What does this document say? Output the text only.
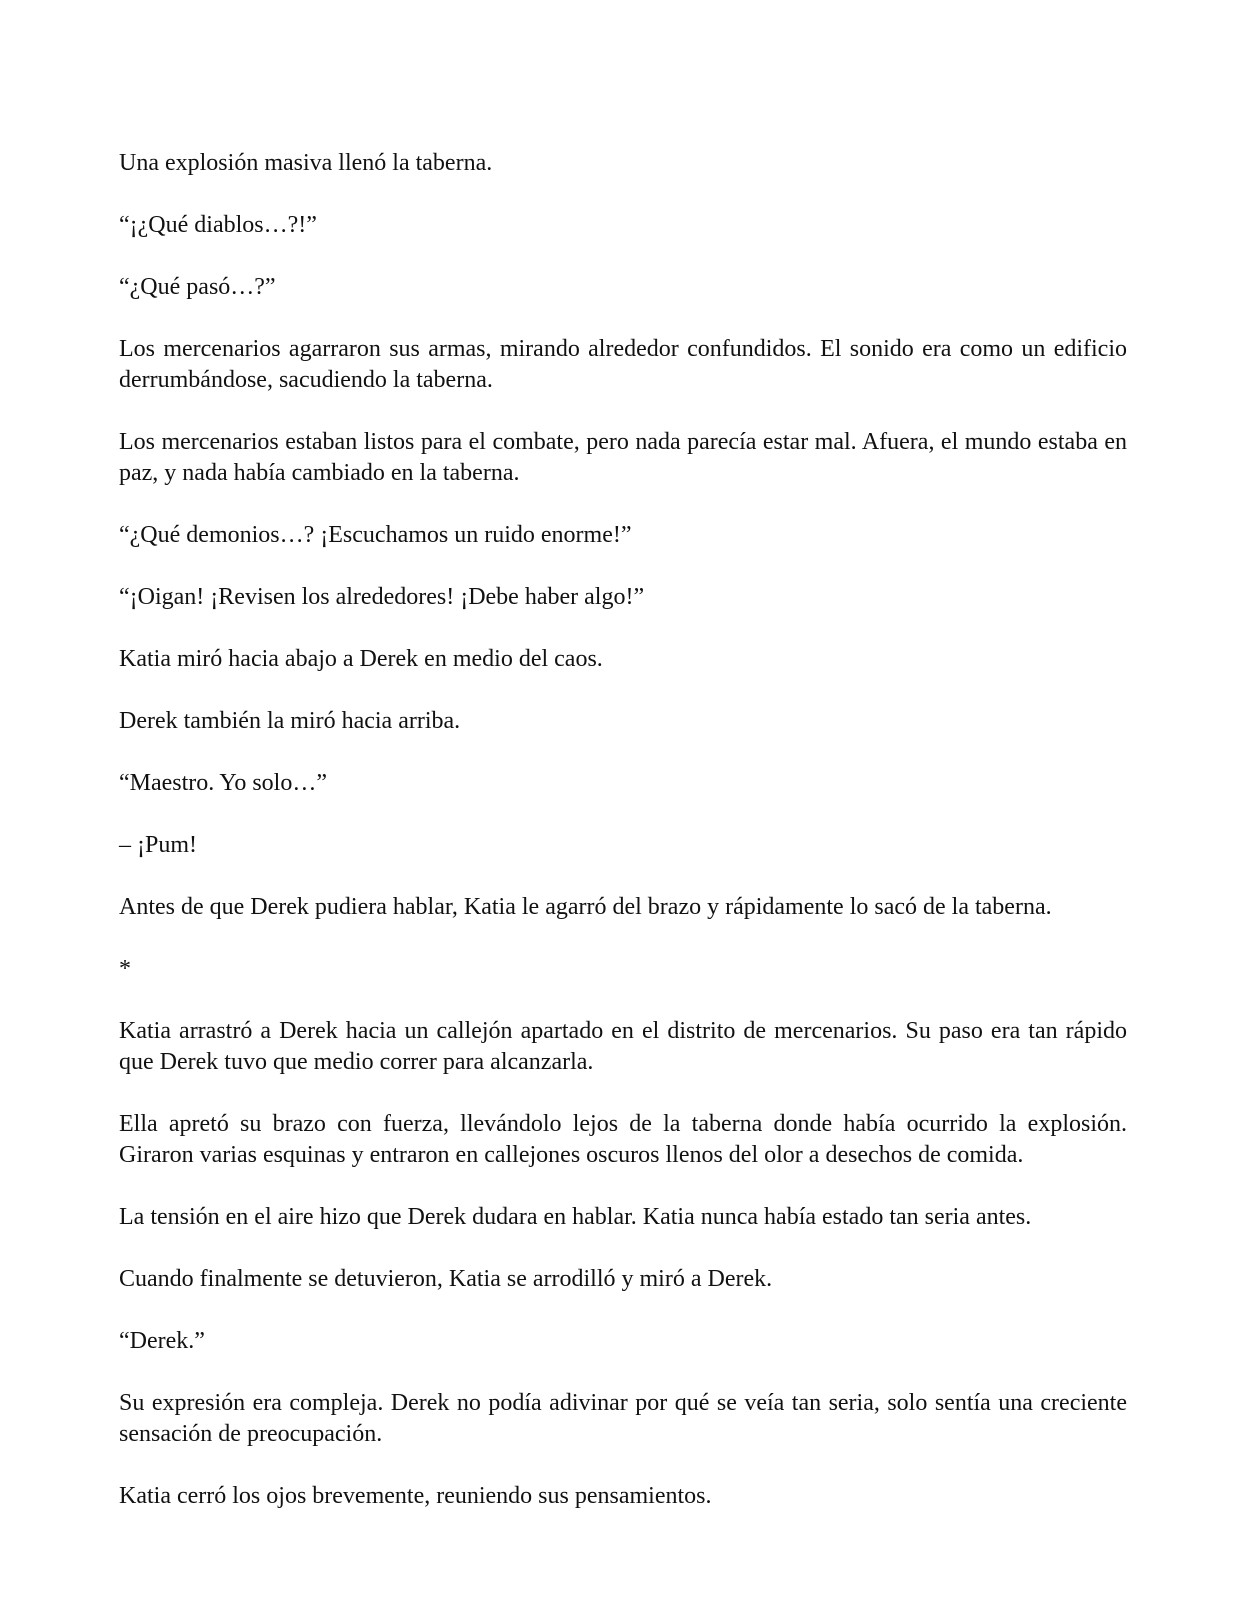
Una explosión masiva llenó la taberna.

“¡¿Qué diablos…?!”

“¿Qué pasó…?”

Los mercenarios agarraron sus armas, mirando alrededor confundidos. El sonido era como un edificio derrumbándose, sacudiendo la taberna.

Los mercenarios estaban listos para el combate, pero nada parecía estar mal. Afuera, el mundo estaba en paz, y nada había cambiado en la taberna.

“¿Qué demonios…? ¡Escuchamos un ruido enorme!”

“¡Oigan! ¡Revisen los alrededores! ¡Debe haber algo!”

Katia miró hacia abajo a Derek en medio del caos.

Derek también la miró hacia arriba.

“Maestro. Yo solo…”

– ¡Pum!

Antes de que Derek pudiera hablar, Katia le agarró del brazo y rápidamente lo sacó de la taberna.

*

Katia arrastró a Derek hacia un callejón apartado en el distrito de mercenarios. Su paso era tan rápido que Derek tuvo que medio correr para alcanzarla.

Ella apretó su brazo con fuerza, llevándolo lejos de la taberna donde había ocurrido la explosión. Giraron varias esquinas y entraron en callejones oscuros llenos del olor a desechos de comida.

La tensión en el aire hizo que Derek dudara en hablar. Katia nunca había estado tan seria antes.

Cuando finalmente se detuvieron, Katia se arrodilló y miró a Derek.

“Derek.”

Su expresión era compleja. Derek no podía adivinar por qué se veía tan seria, solo sentía una creciente sensación de preocupación.

Katia cerró los ojos brevemente, reuniendo sus pensamientos.
